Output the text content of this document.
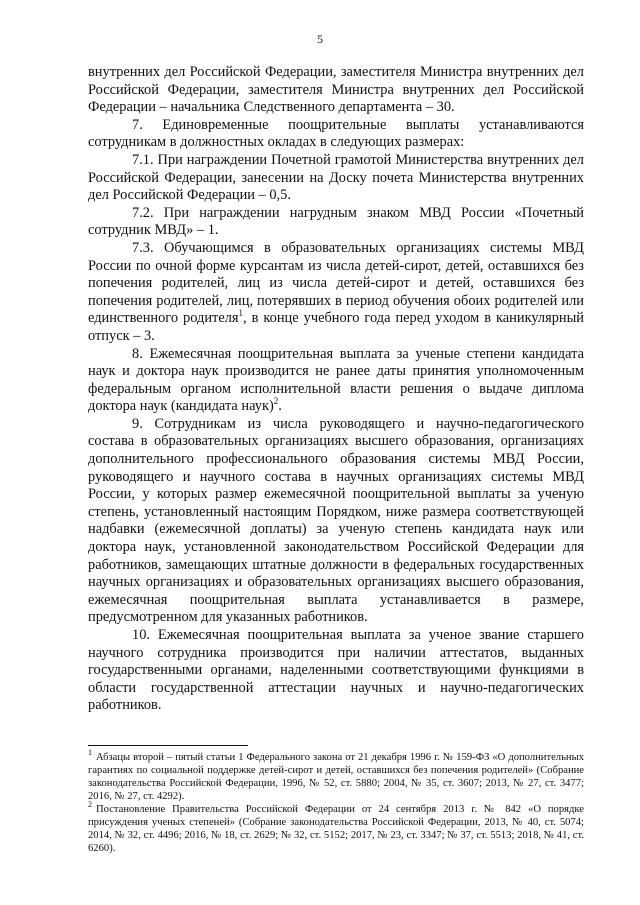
5

внутренних дел Российской Федерации, заместителя Министра внутренних дел Российской Федерации, заместителя Министра внутренних дел Российской Федерации – начальника Следственного департамента – 30.

7. Единовременные поощрительные выплаты устанавливаются сотрудникам в должностных окладах в следующих размерах:

7.1. При награждении Почетной грамотой Министерства внутренних дел Российской Федерации, занесении на Доску почета Министерства внутренних дел Российской Федерации – 0,5.

7.2. При награждении нагрудным знаком МВД России «Почетный сотрудник МВД» – 1.

7.3. Обучающимся в образовательных организациях системы МВД России по очной форме курсантам из числа детей-сирот, детей, оставшихся без попечения родителей, лиц из числа детей-сирот и детей, оставшихся без попечения родителей, лиц, потерявших в период обучения обоих родителей или единственного родителя$^1$, в конце учебного года перед уходом в каникулярный отпуск – 3.

8. Ежемесячная поощрительная выплата за ученые степени кандидата наук и доктора наук производится не ранее даты принятия уполномоченным федеральным органом исполнительной власти решения о выдаче диплома доктора наук (кандидата наук)$^2$.

9. Сотрудникам из числа руководящего и научно-педагогического состава в образовательных организациях высшего образования, организациях дополнительного профессионального образования системы МВД России, руководящего и научного состава в научных организациях системы МВД России, у которых размер ежемесячной поощрительной выплаты за ученую степень, установленный настоящим Порядком, ниже размера соответствующей надбавки (ежемесячной доплаты) за ученую степень кандидата наук или доктора наук, установленной законодательством Российской Федерации для работников, замещающих штатные должности в федеральных государственных научных организациях и образовательных организациях высшего образования, ежемесячная поощрительная выплата устанавливается в размере, предусмотренном для указанных работников.

10. Ежемесячная поощрительная выплата за ученое звание старшего научного сотрудника производится при наличии аттестатов, выданных государственными органами, наделенными соответствующими функциями в области государственной аттестации научных и научно-педагогических работников.

$^1$ Абзацы второй – пятый статьи 1 Федерального закона от 21 декабря 1996 г. № 159-ФЗ «О дополнительных гарантиях по социальной поддержке детей-сирот и детей, оставшихся без попечения родителей» (Собрание законодательства Российской Федерации, 1996, № 52, ст. 5880; 2004, № 35, ст. 3607; 2013, № 27, ст. 3477; 2016, № 27, ст. 4292).

$^2$ Постановление Правительства Российской Федерации от 24 сентября 2013 г. № 842 «О порядке присуждения ученых степеней» (Собрание законодательства Российской Федерации, 2013, № 40, ст. 5074; 2014, № 32, ст. 4496; 2016, № 18, ст. 2629; № 32, ст. 5152; 2017, № 23, ст. 3347; № 37, ст. 5513; 2018, № 41, ст. 6260).
